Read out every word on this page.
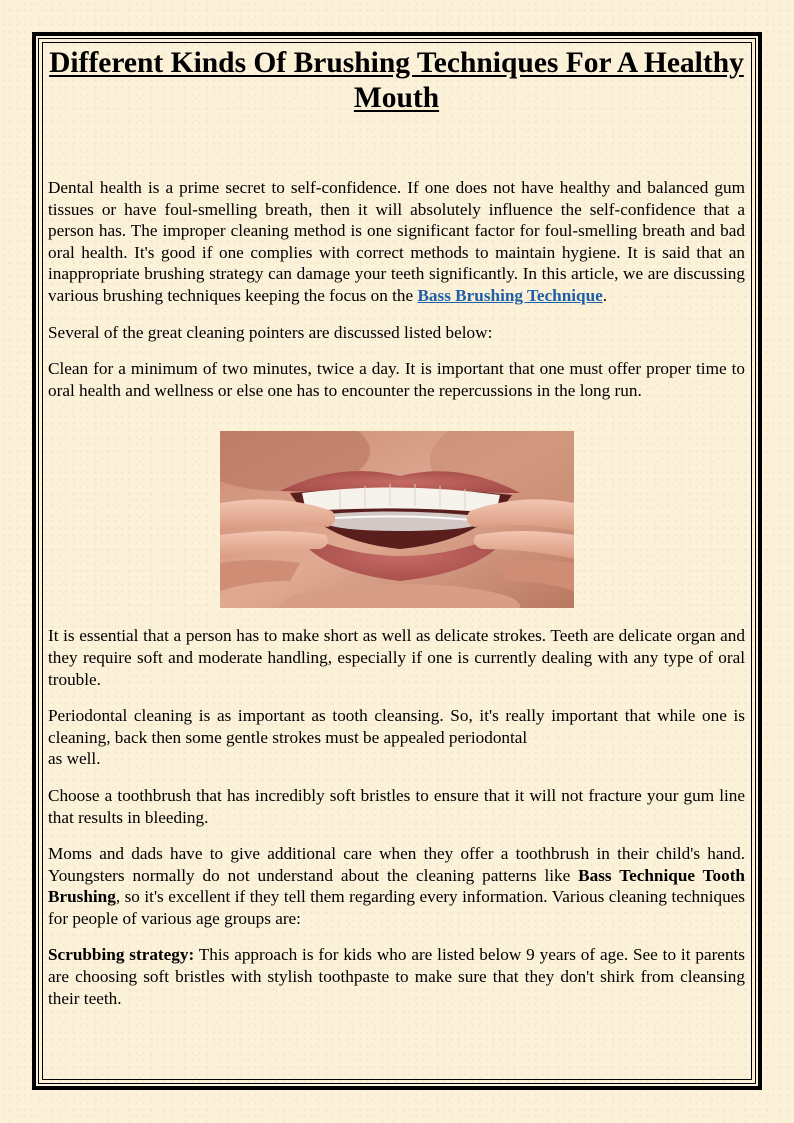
Different Kinds Of Brushing Techniques For A Healthy Mouth

Dental health is a prime secret to self-confidence. If one does not have healthy and balanced gum tissues or have foul-smelling breath, then it will absolutely influence the self-confidence that a person has. The improper cleaning method is one significant factor for foul-smelling breath and bad oral health. It's good if one complies with correct methods to maintain hygiene. It is said that an inappropriate brushing strategy can damage your teeth significantly. In this article, we are discussing various brushing techniques keeping the focus on the Bass Brushing Technique.

Several of the great cleaning pointers are discussed listed below:

Clean for a minimum of two minutes, twice a day. It is important that one must offer proper time to oral health and wellness or else one has to encounter the repercussions in the long run.

It is essential that a person has to make short as well as delicate strokes. Teeth are delicate organ and they require soft and moderate handling, especially if one is currently dealing with any type of oral trouble.

Periodontal cleaning is as important as tooth cleansing. So, it's really important that while one is cleaning, back then some gentle strokes must be appealed periodontal
as well.

Choose a toothbrush that has incredibly soft bristles to ensure that it will not fracture your gum line that results in bleeding.

Moms and dads have to give additional care when they offer a toothbrush in their child's hand. Youngsters normally do not understand about the cleaning patterns like Bass Technique Tooth Brushing, so it's excellent if they tell them regarding every information. Various cleaning techniques for people of various age groups are:

Scrubbing strategy: This approach is for kids who are listed below 9 years of age. See to it parents are choosing soft bristles with stylish toothpaste to make sure that they don't shirk from cleansing their teeth.
